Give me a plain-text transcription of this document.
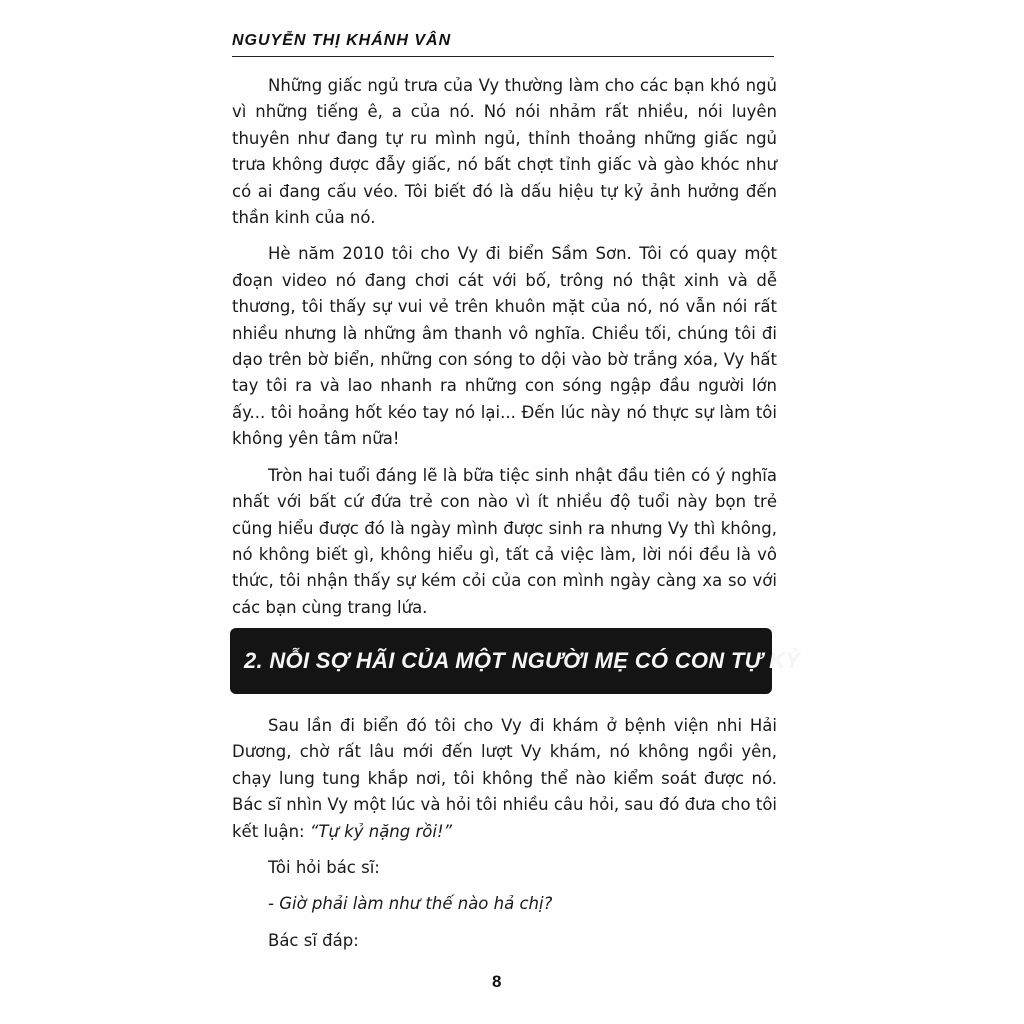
NGUYỄN THỊ KHÁNH VÂN

Những giấc ngủ trưa của Vy thường làm cho các bạn khó ngủ vì những tiếng ê, a của nó. Nó nói nhảm rất nhiều, nói luyên thuyên như đang tự ru mình ngủ, thỉnh thoảng những giấc ngủ trưa không được đẫy giấc, nó bất chợt tỉnh giấc và gào khóc như có ai đang cấu véo. Tôi biết đó là dấu hiệu tự kỷ ảnh hưởng đến thần kinh của nó.

Hè năm 2010 tôi cho Vy đi biển Sầm Sơn. Tôi có quay một đoạn video nó đang chơi cát với bố, trông nó thật xinh và dễ thương, tôi thấy sự vui vẻ trên khuôn mặt của nó, nó vẫn nói rất nhiều nhưng là những âm thanh vô nghĩa. Chiều tối, chúng tôi đi dạo trên bờ biển, những con sóng to dội vào bờ trắng xóa, Vy hất tay tôi ra và lao nhanh ra những con sóng ngập đầu người lớn ấy... tôi hoảng hốt kéo tay nó lại... Đến lúc này nó thực sự làm tôi không yên tâm nữa!

Tròn hai tuổi đáng lẽ là bữa tiệc sinh nhật đầu tiên có ý nghĩa nhất với bất cứ đứa trẻ con nào vì ít nhiều độ tuổi này bọn trẻ cũng hiểu được đó là ngày mình được sinh ra nhưng Vy thì không, nó không biết gì, không hiểu gì, tất cả việc làm, lời nói đều là vô thức, tôi nhận thấy sự kém cỏi của con mình ngày càng xa so với các bạn cùng trang lứa.

2. NỖI SỢ HÃI CỦA MỘT NGƯỜI MẸ CÓ CON TỰ KỶ

Sau lần đi biển đó tôi cho Vy đi khám ở bệnh viện nhi Hải Dương, chờ rất lâu mới đến lượt Vy khám, nó không ngồi yên, chạy lung tung khắp nơi, tôi không thể nào kiểm soát được nó. Bác sĩ nhìn Vy một lúc và hỏi tôi nhiều câu hỏi, sau đó đưa cho tôi kết luận: “Tự kỷ nặng rồi!”

Tôi hỏi bác sĩ:

- Giờ phải làm như thế nào hả chị?

Bác sĩ đáp:

8
